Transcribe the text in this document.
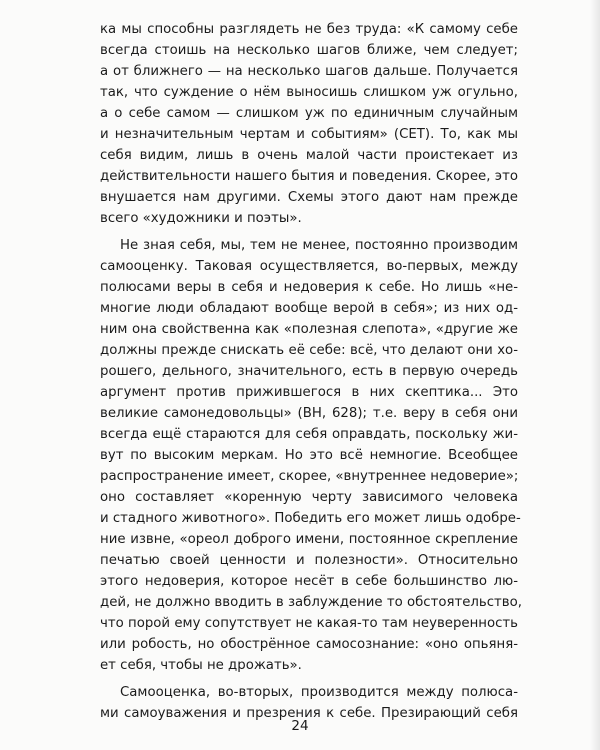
ка мы способны разглядеть не без труда: «К самому себе
всегда стоишь на несколько шагов ближе, чем следует;
а от ближнего — на несколько шагов дальше. Получается
так, что суждение о нём выносишь слишком уж огульно,
а о себе самом — слишком уж по единичным случайным
и незначительным чертам и событиям» (СЕТ). То, как мы
себя видим, лишь в очень малой части проистекает из
действительности нашего бытия и поведения. Скорее, это
внушается нам другими. Схемы этого дают нам прежде
всего «художники и поэты».
Не зная себя, мы, тем не менее, постоянно производим
самооценку. Таковая осуществляется, во-первых, между
полюсами веры в себя и недоверия к себе. Но лишь «не-
многие люди обладают вообще верой в себя»; из них од-
ним она свойственна как «полезная слепота», «другие же
должны прежде снискать её себе: всё, что делают они хо-
рошего, дельного, значительного, есть в первую очередь
аргумент против прижившегося в них скептика... Это
великие самонедовольцы» (ВН, 628); т.е. веру в себя они
всегда ещё стараются для себя оправдать, поскольку жи-
вут по высоким меркам. Но это всё немногие. Всеобщее
распространение имеет, скорее, «внутреннее недоверие»;
оно составляет «коренную черту зависимого человека
и стадного животного». Победить его может лишь одобре-
ние извне, «ореол доброго имени, постоянное скрепление
печатью своей ценности и полезности». Относительно
этого недоверия, которое несёт в себе большинство лю-
дей, не должно вводить в заблуждение то обстоятельство,
что порой ему сопутствует не какая-то там неуверенность
или робость, но обострённое самосознание: «оно опьяня-
ет себя, чтобы не дрожать».
Самооценка, во-вторых, производится между полюса-
ми самоуважения и презрения к себе. Презирающий себя
24
